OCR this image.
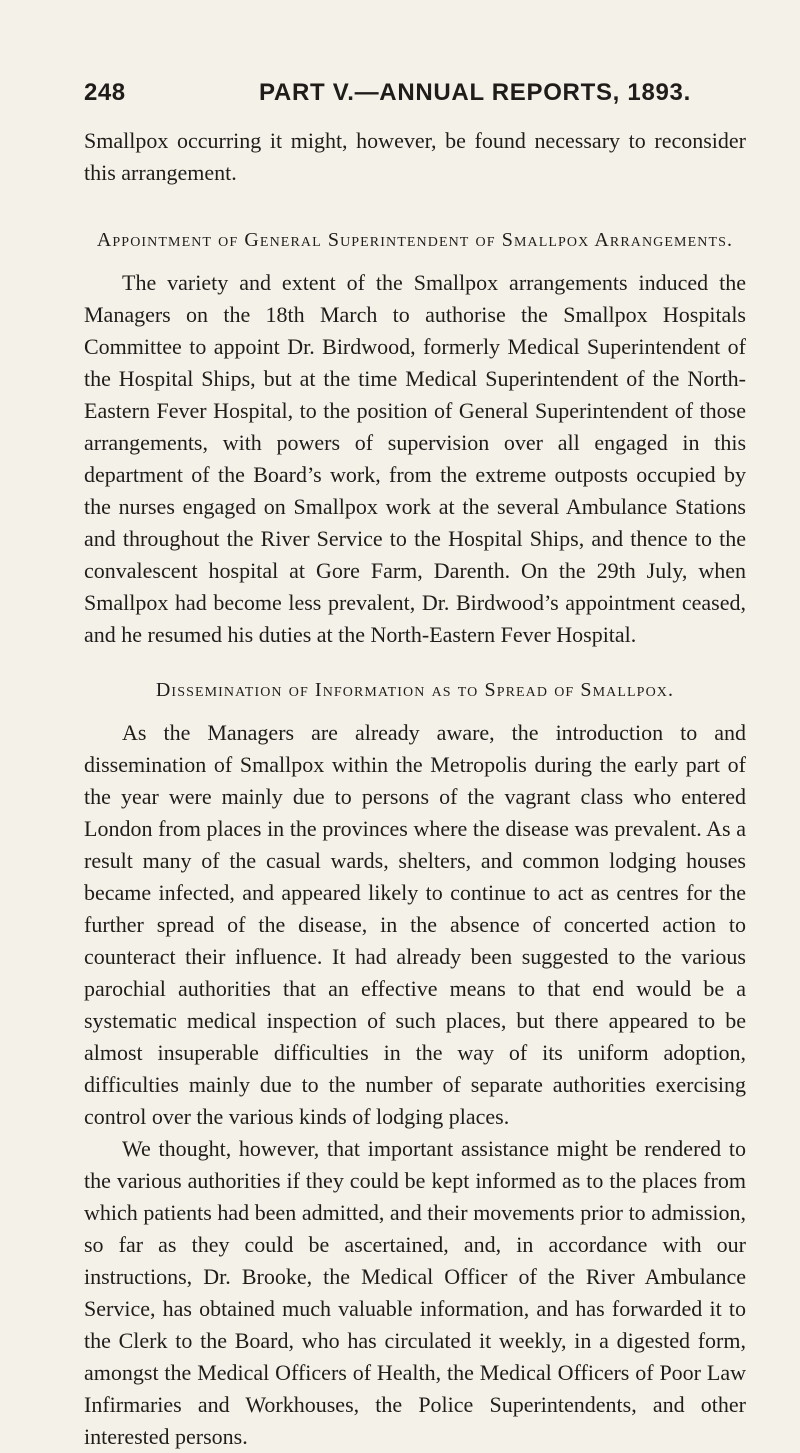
248	PART V.—ANNUAL REPORTS, 1893.

Smallpox occurring it might, however, be found necessary to reconsider this arrangement.

Appointment of General Superintendent of Smallpox Arrangements.

The variety and extent of the Smallpox arrangements induced the Managers on the 18th March to authorise the Smallpox Hospitals Committee to appoint Dr. Birdwood, formerly Medical Superintendent of the Hospital Ships, but at the time Medical Superintendent of the North-Eastern Fever Hospital, to the position of General Superintendent of those arrangements, with powers of supervision over all engaged in this department of the Board’s work, from the extreme outposts occupied by the nurses engaged on Smallpox work at the several Ambulance Stations and throughout the River Service to the Hospital Ships, and thence to the convalescent hospital at Gore Farm, Darenth. On the 29th July, when Smallpox had become less prevalent, Dr. Birdwood’s appointment ceased, and he resumed his duties at the North-Eastern Fever Hospital.

Dissemination of Information as to Spread of Smallpox.

As the Managers are already aware, the introduction to and dissemination of Smallpox within the Metropolis during the early part of the year were mainly due to persons of the vagrant class who entered London from places in the provinces where the disease was prevalent. As a result many of the casual wards, shelters, and common lodging houses became infected, and appeared likely to continue to act as centres for the further spread of the disease, in the absence of concerted action to counteract their influence. It had already been suggested to the various parochial authorities that an effective means to that end would be a systematic medical inspection of such places, but there appeared to be almost insuperable difficulties in the way of its uniform adoption, difficulties mainly due to the number of separate authorities exercising control over the various kinds of lodging places.

We thought, however, that important assistance might be rendered to the various authorities if they could be kept informed as to the places from which patients had been admitted, and their movements prior to admission, so far as they could be ascertained, and, in accordance with our instructions, Dr. Brooke, the Medical Officer of the River Ambulance Service, has obtained much valuable information, and has forwarded it to the Clerk to the Board, who has circulated it weekly, in a digested form, amongst the Medical Officers of Health, the Medical Officers of Poor Law Infirmaries and Workhouses, the Police Superintendents, and other interested persons.
